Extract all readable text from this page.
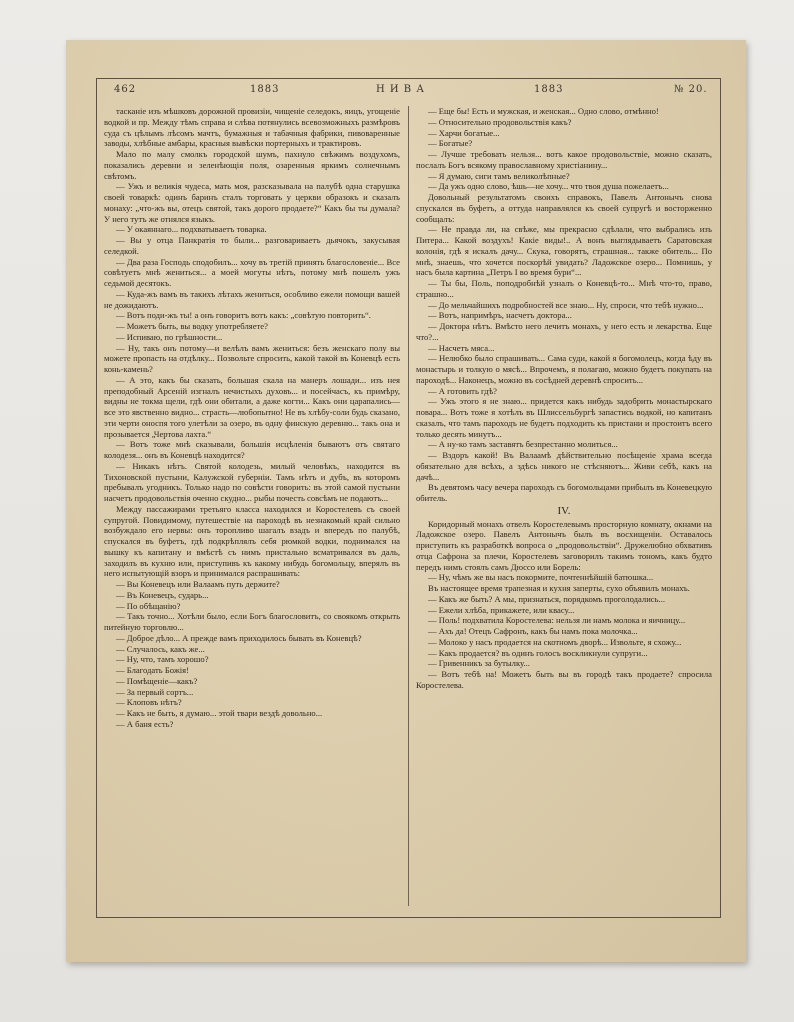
462	1883	Н И В А	1883	№ 20.

тасканіе изъ мѣшковъ дорожной провизіи, чищеніе селедокъ, яицъ, угощеніе водкой и пр. Между тѣмъ справа и слѣва потянулись всевозможныхъ размѣровъ суда съ цѣлымъ лѣсомъ мачтъ, бумажныя и табачныя фабрики, пивоваренные заводы, хлѣбные амбары, красныя вывѣски портерныхъ и трактировъ.

Мало по малу смолкъ городской шумъ, пахнуло свѣжимъ воздухомъ, показались деревни и зеленѣющія поля, озаренныя яркимъ солнечнымъ свѣтомъ.

— Ужъ и великія чудеса, мать моя, разсказывала на палубѣ одна старушка своей товаркѣ: одинъ баринъ сталъ торговать у церкви образокъ и сказалъ монаху: „что-жъ вы, отецъ святой, такъ дорого продаете?“ Какъ бы ты думала? У него тутъ же отнялся языкъ.

— У окаяннаго... подхватываетъ товарка.

— Вы у отца Панкратія то были... разговариваетъ дьячокъ, закусывая селедкой.

— Два раза Господь сподобилъ... хочу въ третій принять благословеніе... Все совѣтуетъ мнѣ жениться... а моей могуты нѣтъ, потому мнѣ пошелъ ужъ седьмой десятокъ.

— Куда-жъ вамъ въ такихъ лѣтахъ жениться, особливо ежели помощи вашей не дожидаютъ.

— Вотъ поди-жъ ты! а онъ говоритъ вотъ какъ: „совѣтую повторить“.

— Можетъ быть, вы водку употребляете?

— Испиваю, по грѣшности...

— Ну, такъ онъ потому—и велѣлъ вамъ жениться: безъ женскаго полу вы можете пропасть на отдѣлку... Позвольте спросить, какой такой въ Коневцѣ есть конь-камень?

— А это, какъ бы сказать, большая скала на манеръ лошади... изъ нея преподобный Арсеній изгналъ нечистыхъ духовъ... и посейчасъ, къ примѣру, видны не токма щели, гдѣ они обитали, а даже когти... Какъ они царапались—все это явственно видно... страсть—любопытно! Не въ хлѣбу-соли будь сказано, эти черти оноспя того улетѣли за озеро, въ одну финскую деревню... такъ она и прозывается „Чертова лахта.“

— Вотъ тоже мнѣ сказывали, большія исцѣленія бываютъ отъ святаго колодезя... онъ въ Коневцѣ находится?

— Никакъ нѣтъ. Святой колодезь, милый человѣкъ, находится въ Тихоновской пустыни, Калужской губерніи. Тамъ нѣтъ и дубъ, въ которомъ пребывалъ угодникъ. Только надо по совѣсти говорить: въ этой самой пустыни насчетъ продовольствія оченно скудно... рыбы почесть совсѣмъ не подаютъ...

Между пассажирами третьяго класса находился и Коростелевъ съ своей супругой. Повидимому, путешествіе на пароходѣ въ незнакомый край сильно возбуждало его нервы: онъ торопливо шагалъ взадъ и впередъ по палубѣ, спускался въ буфетъ, гдѣ подкрѣплялъ себя рюмкой водки, поднимался на вышку къ капитану и вмѣстѣ съ нимъ пристально всматривался въ даль, заходилъ въ кухню или, приступивъ къ какому нибудь богомольцу, вперялъ въ него испытующій взоръ и принимался распрашивать:

— Вы Коневецъ или Валаамъ путь держите?

— Въ Коневецъ, сударь...

— По обѣщанію?

— Такъ точно... Хотѣли было, если Богъ благословитъ, со своякомъ открыть питейную торговлю...

— Доброе дѣло... А прежде вамъ приходилось бывать въ Коневцѣ?

— Случалось, какъ же...

— Ну, что, тамъ хорошо?

— Благодать Божія!

— Помѣщеніе—какъ?

— За первый сортъ...

— Клоповъ нѣтъ?

— Какъ не быть, я думаю... этой твари вездѣ довольно...

— А баня есть?

— Еще бы! Есть и мужская, и женская... Одно слово, отмѣнно!

— Относительно продовольствія какъ?

— Харчи богатые...

— Богатые?

— Лучше требовать нельзя... вотъ какое продовольствіе, можно сказать, послалъ Богъ всякому православному христіанину...

— Я думаю, сиги тамъ великолѣпные?

— Да ужъ одно слово, ѣшь—не хочу... что твоя душа пожелаетъ...

Довольный результатомъ своихъ справокъ, Павелъ Антонычъ снова спускался въ буфетъ, а оттуда направлялся къ своей супругѣ и восторженно сообщалъ:

— Не правда ли, на свѣже, мы прекрасно сдѣлали, что выбрались изъ Питера... Какой воздухъ! Какіе виды!.. А вонъ выглядываетъ Саратовская колонія, гдѣ я искалъ дачу... Скука, говорятъ, страшная... также обитель... По мнѣ, знаешь, что хочется поскорѣй увидать? Ладожское озеро... Помнишь, у насъ была картина „Петръ I во время бури“...

— Ты бы, Поль, поподробнѣй узналъ о Коневцѣ-то... Мнѣ что-то, право, страшно...

— До мельчайшихъ подробностей все знаю... Ну, спроси, что тебѣ нужно...

— Вотъ, напримѣръ, насчетъ доктора...

— Доктора нѣтъ. Вмѣсто него лечитъ монахъ, у него есть и лекарства. Еще что?...

— Насчетъ мяса...

— Нелюбко было спрашивать... Сама суди, какой я богомолецъ, когда ѣду въ монастырь и толкую о мясѣ... Впрочемъ, я полагаю, можно будетъ покупать на пароходѣ... Наконецъ, можно въ сосѣдней деревнѣ спросить...

— А готовить гдѣ?

— Ужъ этого я не знаю... придется какъ нибудь задобрить монастырскаго повара... Вотъ тоже я хотѣлъ въ Шлиссельбургѣ запастись водкой, но капитанъ сказалъ, что тамъ пароходъ не будетъ подходить къ пристани и простоитъ всего только десять минутъ...

— А ну-ко тамъ заставятъ безпрестанно молиться...

— Вздоръ какой! Въ Валаамѣ дѣйствительно посѣщеніе храма всегда обязательно для всѣхъ, а здѣсь никого не стѣсняютъ... Живи себѣ, какъ на дачѣ...

Въ девятомъ часу вечера пароходъ съ богомольцами прибылъ въ Коневецкую обитель.

IV.

Коридорный монахъ отвелъ Коростелевымъ просторную комнату, окнами на Ладожское озеро. Павелъ Антонычъ былъ въ восхищеніи. Оставалось приступить къ разработкѣ вопроса о „продовольствіи“. Дружелюбно обхвативъ отца Сафрона за плечи, Коростелевъ заговорилъ такимъ тономъ, какъ будто передъ нимъ стоялъ самъ Дюссо или Борель:

— Ну, чѣмъ же вы насъ покормите, почтеннѣйшій батюшка...

Въ настоящее время трапезная и кухня заперты, сухо объявилъ монахъ.

— Какъ же быть? А мы, признаться, порядкомъ проголодались...

— Ежели хлѣба, прикажете, или квасу...

— Поль! подхватила Коростелева: нельзя ли намъ молока и яичницу...

— Ахъ да! Отецъ Сафронъ, какъ бы намъ пока молочка...

— Молоко у насъ продается на скотномъ дворѣ... Извольте, я схожу...

— Какъ продается? въ одинъ голосъ воскликнули супруги...

— Гривенникъ за бутылку...

— Вотъ тебѣ на! Можетъ быть вы въ городѣ такъ продаете? спросила Коростелева.
